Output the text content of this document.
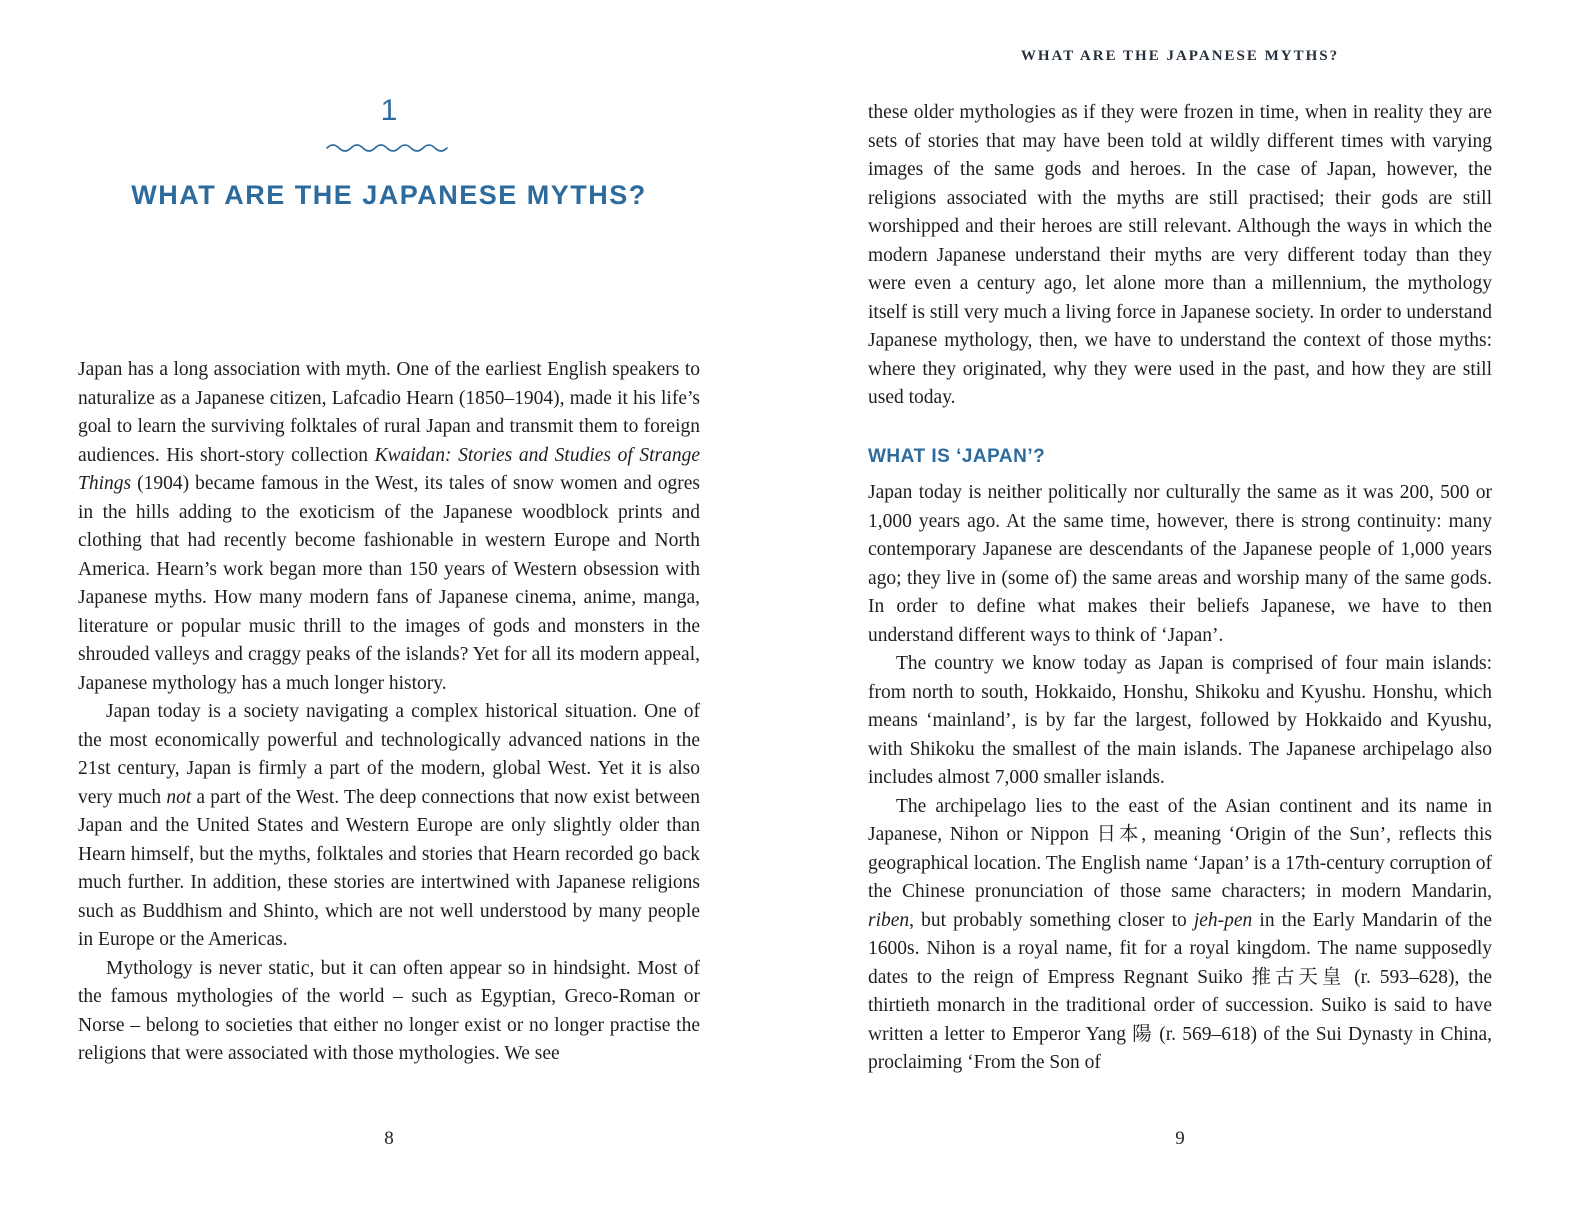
1
WHAT ARE THE JAPANESE MYTHS?

Japan has a long association with myth. One of the earliest English speakers to naturalize as a Japanese citizen, Lafcadio Hearn (1850–1904), made it his life’s goal to learn the surviving folktales of rural Japan and transmit them to foreign audiences. His short-story collection Kwaidan: Stories and Studies of Strange Things (1904) became famous in the West, its tales of snow women and ogres in the hills adding to the exoticism of the Japanese woodblock prints and clothing that had recently become fashionable in western Europe and North America. Hearn’s work began more than 150 years of Western obsession with Japanese myths. How many modern fans of Japanese cinema, anime, manga, literature or popular music thrill to the images of gods and monsters in the shrouded valleys and craggy peaks of the islands? Yet for all its modern appeal, Japanese mythology has a much longer history.

Japan today is a society navigating a complex historical situation. One of the most economically powerful and technologically advanced nations in the 21st century, Japan is firmly a part of the modern, global West. Yet it is also very much not a part of the West. The deep connections that now exist between Japan and the United States and Western Europe are only slightly older than Hearn himself, but the myths, folktales and stories that Hearn recorded go back much further. In addition, these stories are intertwined with Japanese religions such as Buddhism and Shinto, which are not well understood by many people in Europe or the Americas.

Mythology is never static, but it can often appear so in hindsight. Most of the famous mythologies of the world – such as Egyptian, Greco-Roman or Norse – belong to societies that either no longer exist or no longer practise the religions that were associated with those mythologies. We see

8
WHAT ARE THE JAPANESE MYTHS?

these older mythologies as if they were frozen in time, when in reality they are sets of stories that may have been told at wildly different times with varying images of the same gods and heroes. In the case of Japan, however, the religions associated with the myths are still practised; their gods are still worshipped and their heroes are still relevant. Although the ways in which the modern Japanese understand their myths are very different today than they were even a century ago, let alone more than a millennium, the mythology itself is still very much a living force in Japanese society. In order to understand Japanese mythology, then, we have to understand the context of those myths: where they originated, why they were used in the past, and how they are still used today.

WHAT IS ‘JAPAN’?

Japan today is neither politically nor culturally the same as it was 200, 500 or 1,000 years ago. At the same time, however, there is strong continuity: many contemporary Japanese are descendants of the Japanese people of 1,000 years ago; they live in (some of) the same areas and worship many of the same gods. In order to define what makes their beliefs Japanese, we have to then understand different ways to think of ‘Japan’.

The country we know today as Japan is comprised of four main islands: from north to south, Hokkaido, Honshu, Shikoku and Kyushu. Honshu, which means ‘mainland’, is by far the largest, followed by Hokkaido and Kyushu, with Shikoku the smallest of the main islands. The Japanese archipelago also includes almost 7,000 smaller islands.

The archipelago lies to the east of the Asian continent and its name in Japanese, Nihon or Nippon 日本, meaning ‘Origin of the Sun’, reflects this geographical location. The English name ‘Japan’ is a 17th-century corruption of the Chinese pronunciation of those same characters; in modern Mandarin, riben, but probably something closer to jeh-pen in the Early Mandarin of the 1600s. Nihon is a royal name, fit for a royal kingdom. The name supposedly dates to the reign of Empress Regnant Suiko 推古天皇 (r. 593–628), the thirtieth monarch in the traditional order of succession. Suiko is said to have written a letter to Emperor Yang 陽 (r. 569–618) of the Sui Dynasty in China, proclaiming ‘From the Son of

9
